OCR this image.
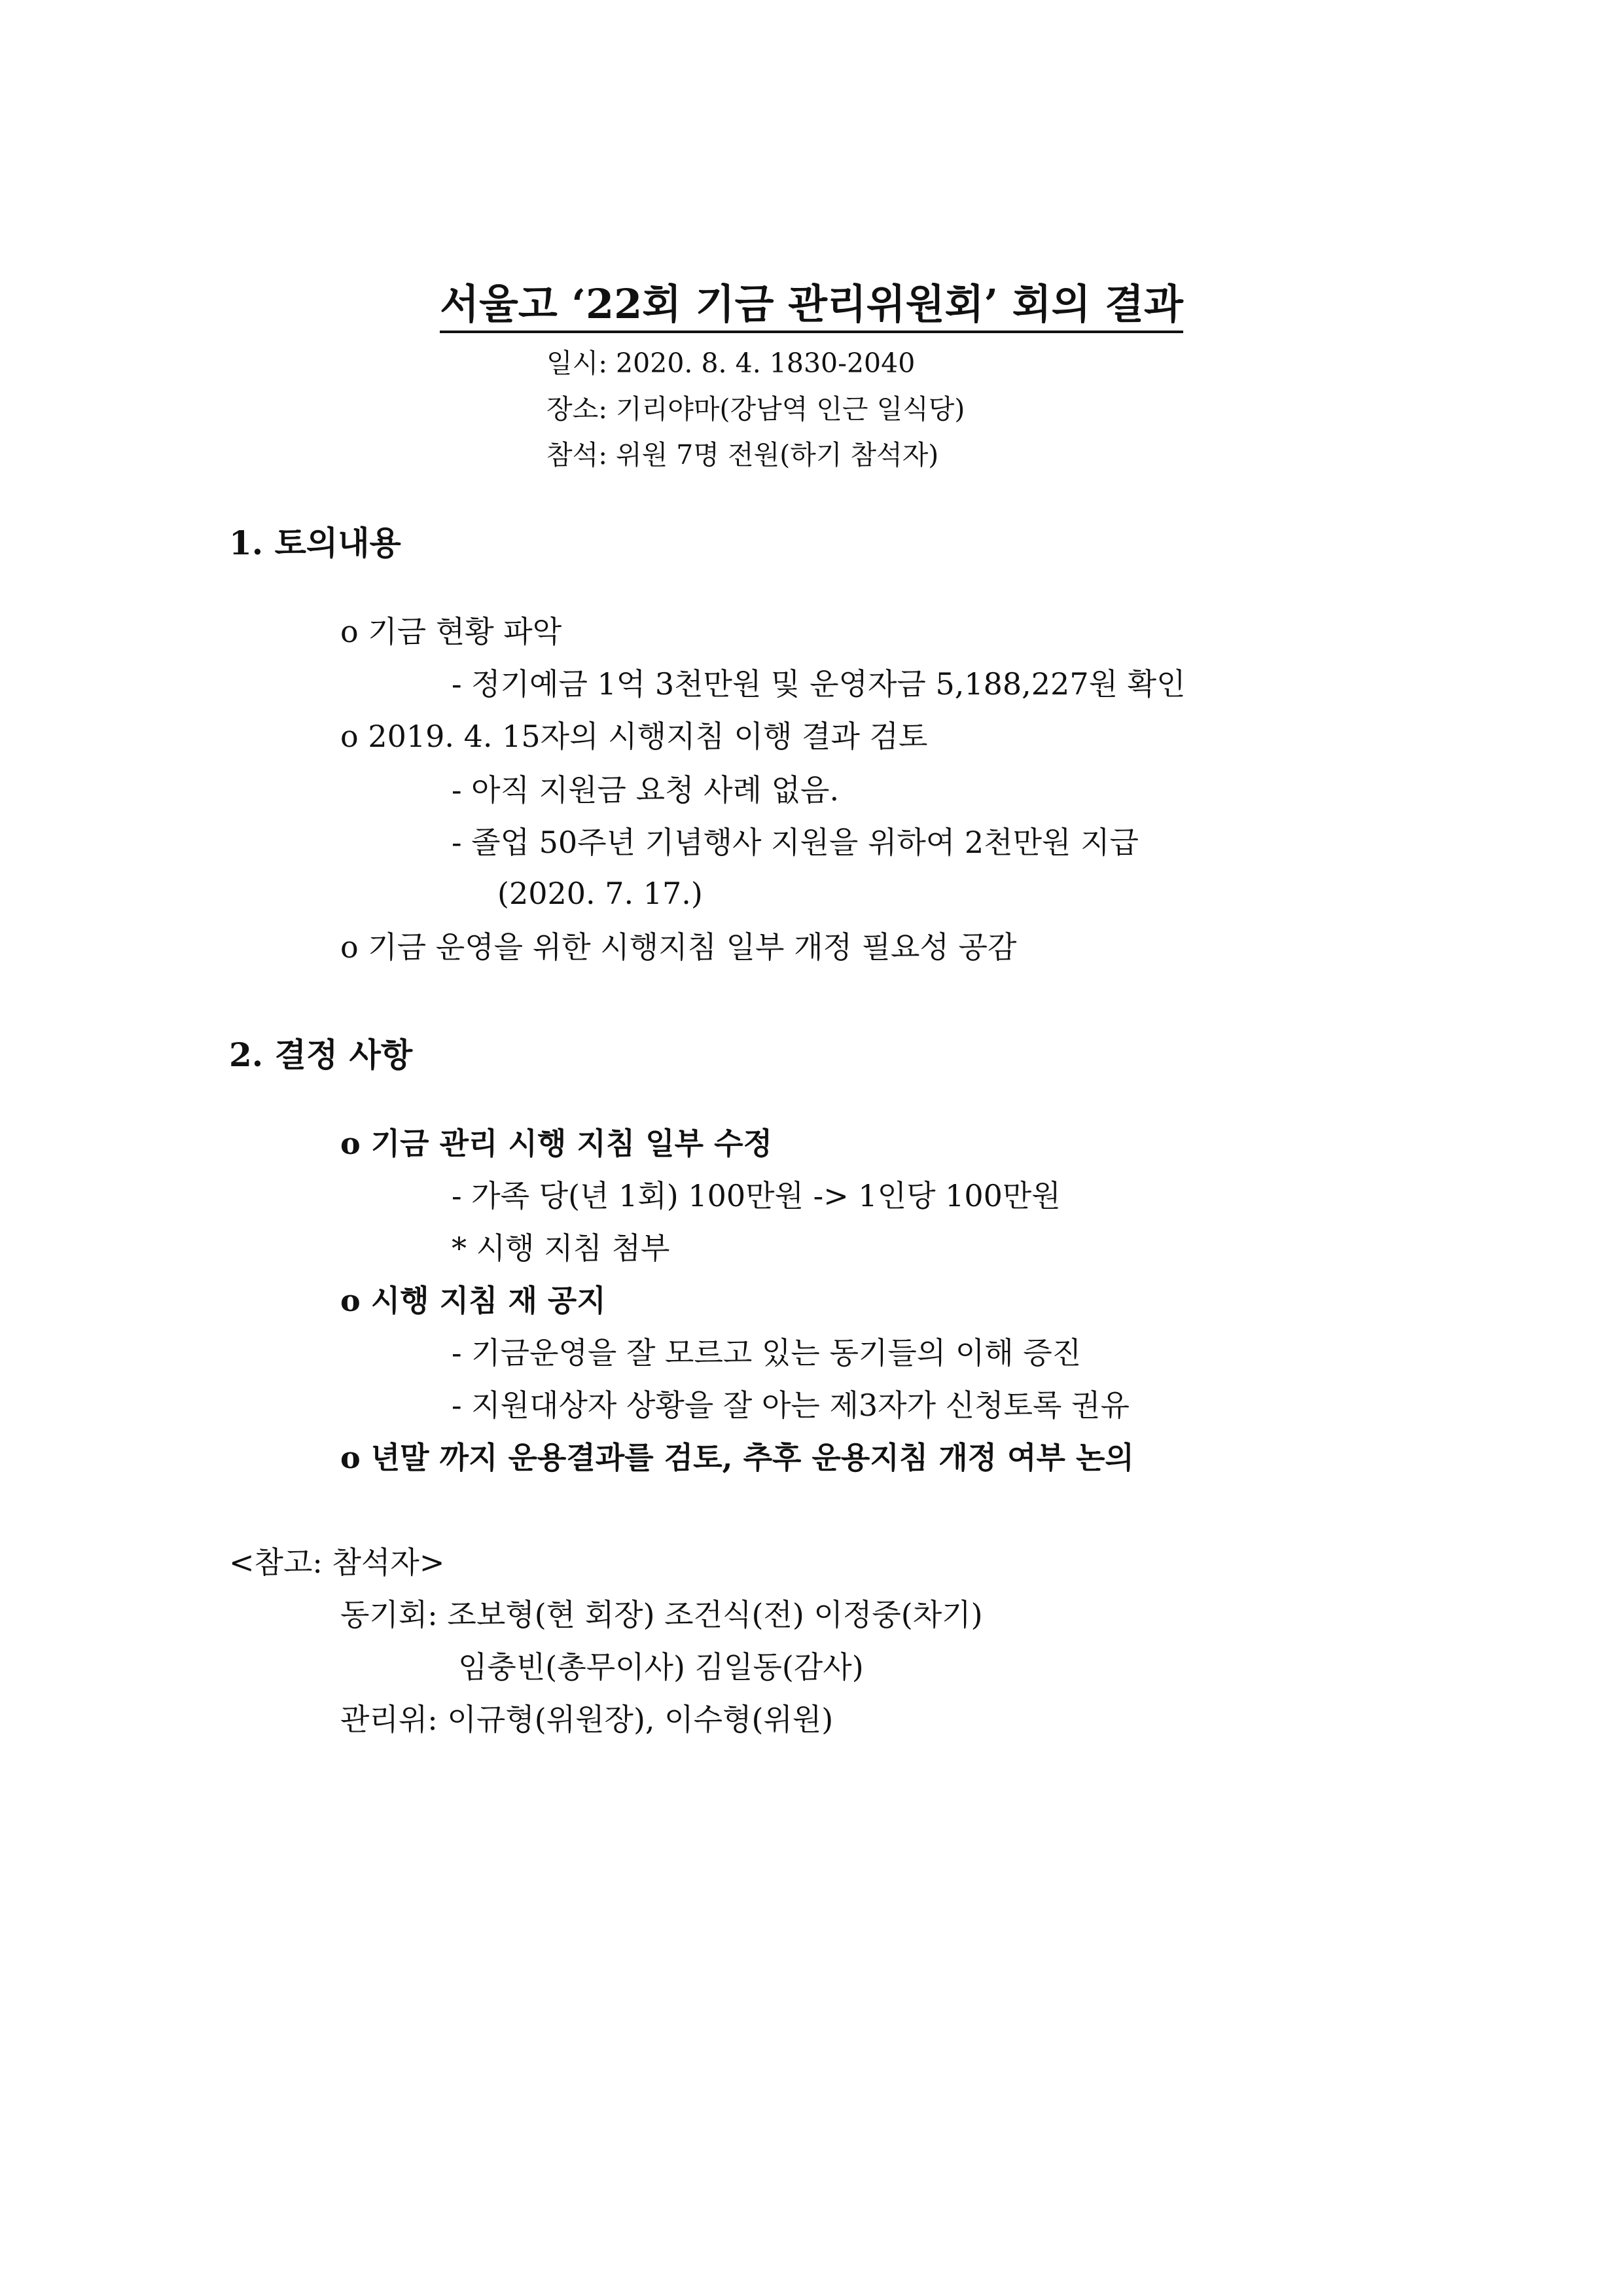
서울고 ‘22회 기금 관리위원회’ 회의 결과
일시: 2020. 8. 4. 1830-2040
장소: 기리야마(강남역 인근 일식당)
참석: 위원 7명 전원(하기 참석자)
1. 토의내용
o 기금 현황 파악
- 정기예금 1억 3천만원 및 운영자금 5,188,227원 확인
o 2019. 4. 15자의 시행지침 이행 결과 검토
- 아직 지원금 요청 사례 없음.
- 졸업 50주년 기념행사 지원을 위하여 2천만원 지급
(2020. 7. 17.)
o 기금 운영을 위한 시행지침 일부 개정 필요성 공감
2. 결정 사항
o 기금 관리 시행 지침 일부 수정
- 가족 당(년 1회) 100만원 -> 1인당 100만원
* 시행 지침 첨부
o 시행 지침 재 공지
- 기금운영을 잘 모르고 있는 동기들의 이해 증진
- 지원대상자 상황을 잘 아는 제3자가 신청토록 권유
o 년말 까지 운용결과를 검토, 추후 운용지침 개정 여부 논의
<참고: 참석자>
동기회: 조보형(현 회장) 조건식(전) 이정중(차기)
임충빈(총무이사) 김일동(감사)
관리위: 이규형(위원장), 이수형(위원)
